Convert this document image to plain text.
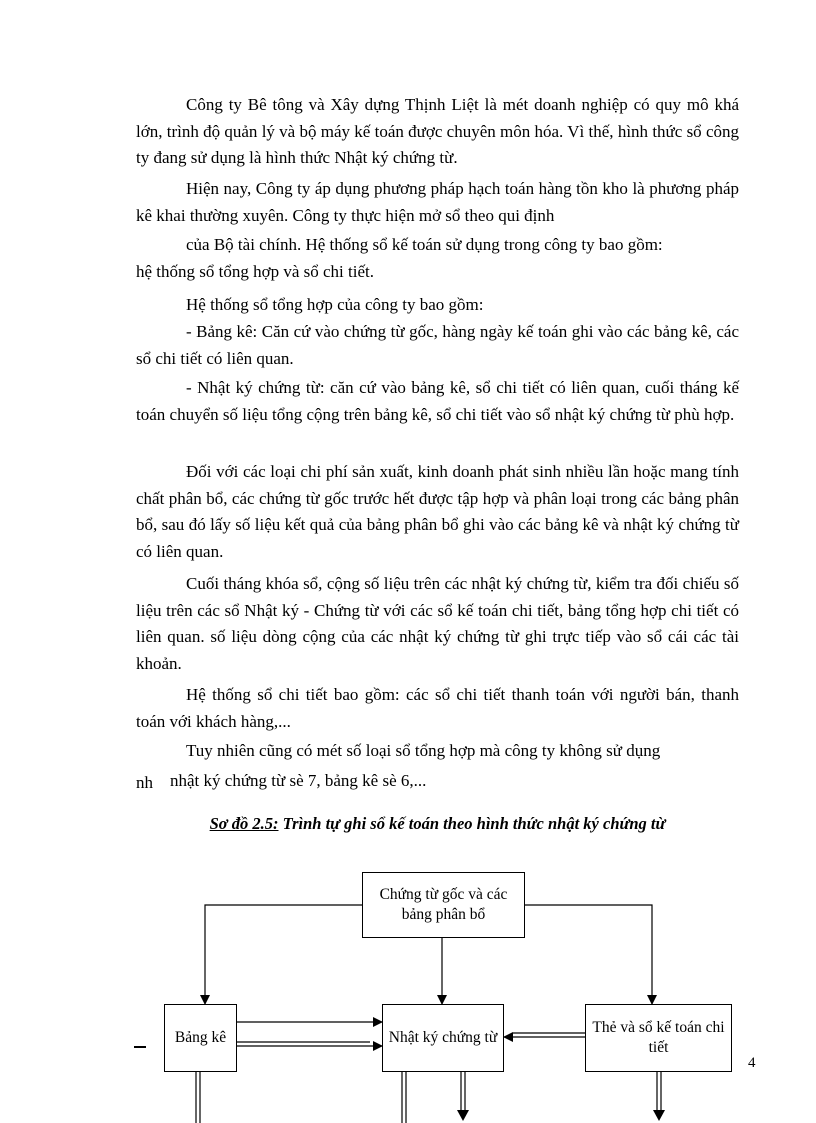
Công ty Bê tông và Xây dựng Thịnh Liệt là mét doanh nghiệp có quy mô khá lớn, trình độ quản lý và bộ máy kế toán được chuyên môn hóa. Vì thế, hình thức sổ công ty đang sử dụng là hình thức Nhật ký chứng từ.

Hiện nay, Công ty áp dụng phương pháp hạch toán hàng tồn kho là phương pháp kê khai thường xuyên. Công ty thực hiện mở sổ theo qui định

của Bộ tài chính. Hệ thống sổ kế toán sử dụng trong công ty bao gồm:

hệ thống sổ tổng hợp và sổ chi tiết.

Hệ thống sổ tổng hợp của công ty bao gồm:

- Bảng kê: Căn cứ vào chứng từ gốc, hàng ngày kế toán ghi vào các bảng kê, các sổ chi tiết có liên quan.

- Nhật ký chứng từ: căn cứ vào bảng kê, sổ chi tiết có liên quan, cuối tháng kế toán chuyển số liệu tổng cộng trên bảng kê, sổ chi tiết vào sổ nhật ký chứng từ phù hợp.

Đối với các loại chi phí sản xuất, kinh doanh phát sinh nhiều lần hoặc mang tính chất phân bổ, các chứng từ gốc trước hết được tập hợp và phân loại trong các bảng phân bổ, sau đó lấy số liệu kết quả của bảng phân bổ ghi vào các bảng kê và nhật ký chứng từ có liên quan.

Cuối tháng khóa sổ, cộng số liệu trên các nhật ký chứng từ, kiểm tra đối chiếu số liệu trên các sổ Nhật ký - Chứng từ với các sổ kế toán chi tiết, bảng tổng hợp chi tiết có liên quan. số liệu dòng cộng của các nhật ký chứng từ ghi trực tiếp vào sổ cái các tài khoản.

Hệ thống sổ chi tiết bao gồm: các sổ chi tiết thanh toán với người bán, thanh toán với khách hàng,...

Tuy nhiên cũng có mét số loại sổ tổng hợp mà công ty không sử dụng

nh nhật ký chứng từ sè 7, bảng kê sè 6,...

Sơ đồ 2.5: Trình tự ghi sổ kế toán theo hình thức nhật ký chứng từ
Chứng từ gốc và các bảng phân bổ
Bảng kê	Nhật ký chứng từ
Thẻ và sổ kế toán chi tiết
4
